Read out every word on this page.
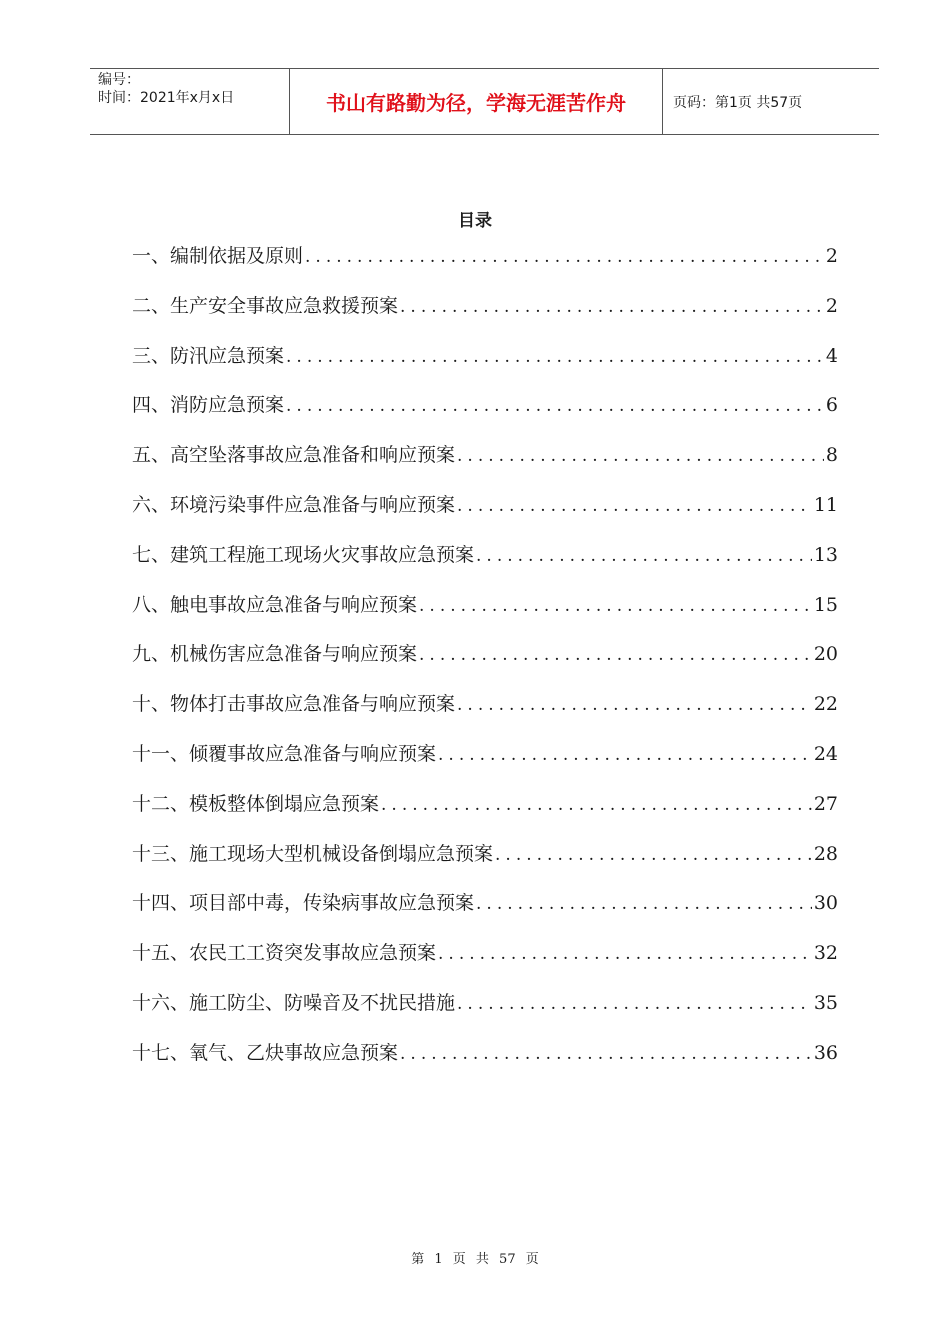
编号：
时间：2021年x月x日	书山有路勤为径，学海无涯苦作舟	页码：第1页 共57页
目录
一、编制依据及原则 .....	2
二、生产安全事故应急救援预案 .....	2
三、防汛应急预案 .....	4
四、消防应急预案 .....	6
五、高空坠落事故应急准备和响应预案 .....	8
六、环境污染事件应急准备与响应预案 .....	11
七、建筑工程施工现场火灾事故应急预案 .....	13
八、触电事故应急准备与响应预案 .....	15
九、机械伤害应急准备与响应预案 .....	20
十、物体打击事故应急准备与响应预案 .....	22
十一、倾覆事故应急准备与响应预案 .....	24
十二、模板整体倒塌应急预案 .....	27
十三、施工现场大型机械设备倒塌应急预案 .....	28
十四、项目部中毒，传染病事故应急预案 .....	30
十五、农民工工资突发事故应急预案 .....	32
十六、施工防尘、防噪音及不扰民措施 .....	35
十七、氧气、乙炔事故应急预案 .....	36
第 1 页 共 57 页
